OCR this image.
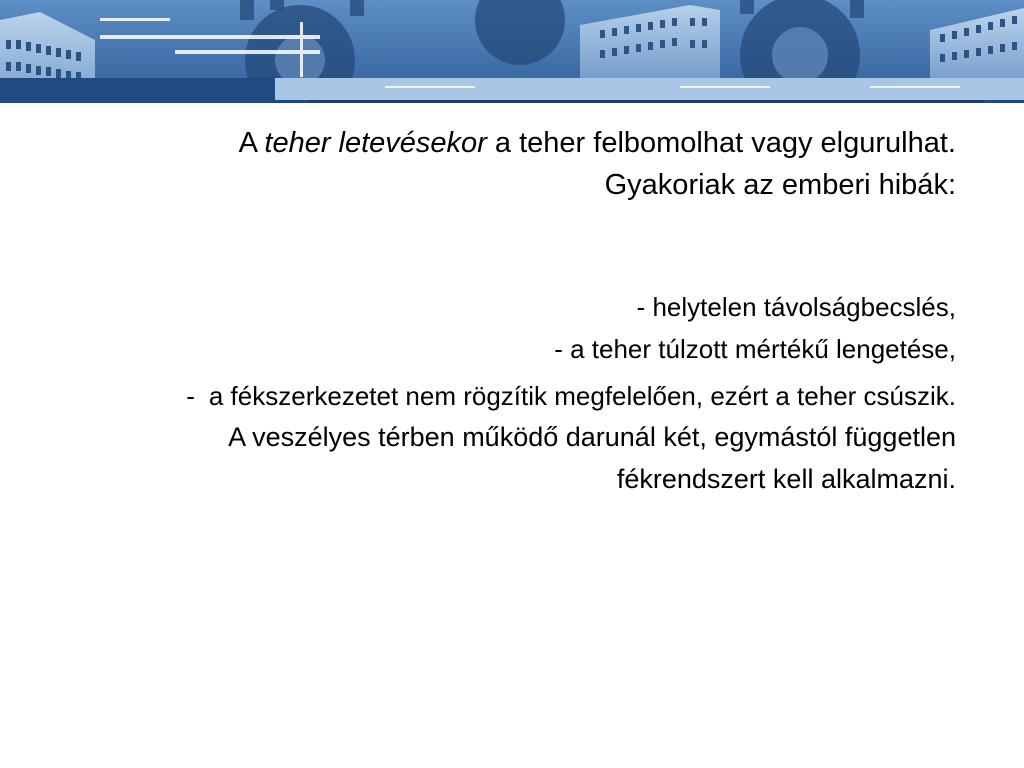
A teher letevésekor a teher felbomolhat vagy elgurulhat.

Gyakoriak az emberi hibák:

- helytelen távolságbecslés,
- a teher túlzott mértékű lengetése,
- a fékszerkezetet nem rögzítik megfelelően, ezért a teher csúszik.

A veszélyes térben működő darunál két, egymástól független fékrendszert kell alkalmazni.
